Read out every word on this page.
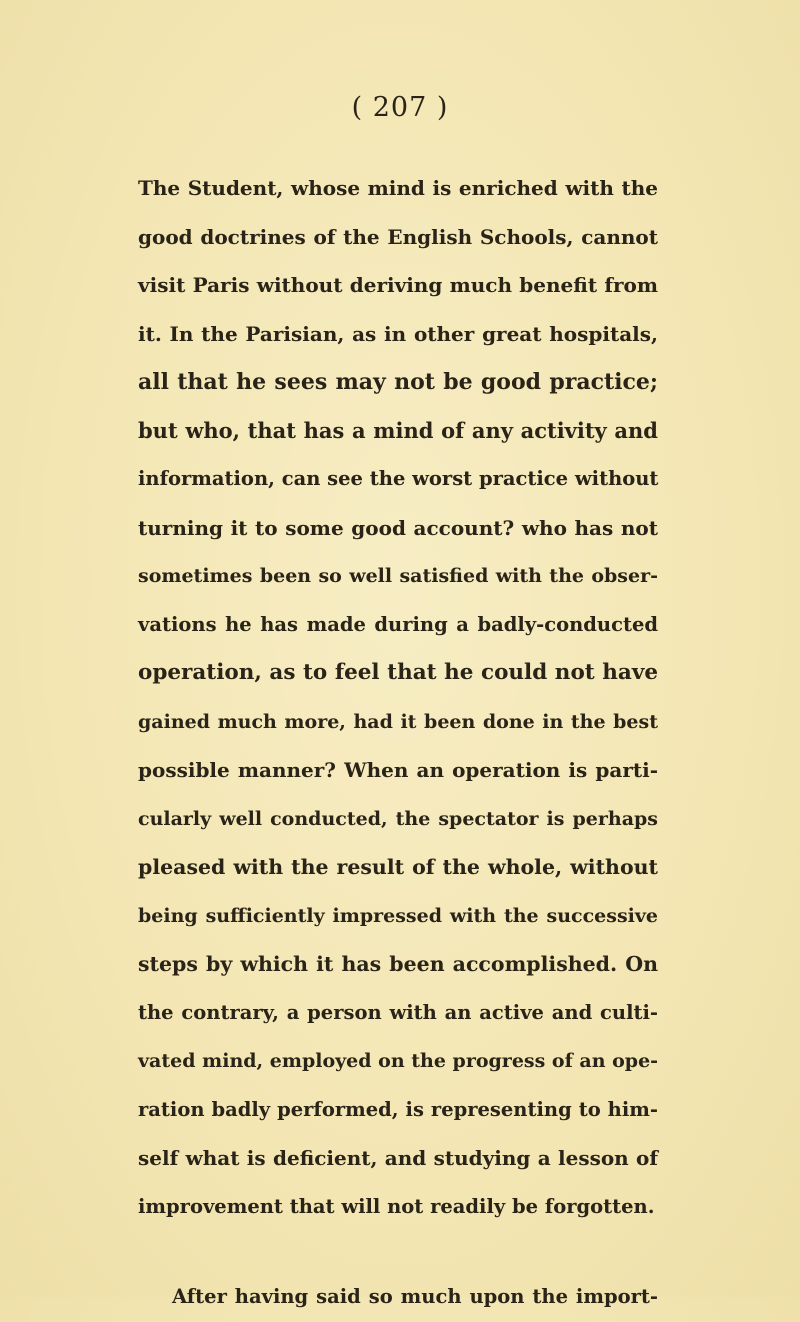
( 207 )
The Student, whose mind is enriched with the
good doctrines of the English Schools, cannot
visit Paris without deriving much benefit from
it. In the Parisian, as in other great hospitals,
all that he sees may not be good practice;
but who, that has a mind of any activity and
information, can see the worst practice without
turning it to some good account? who has not
sometimes been so well satisfied with the obser-
vations he has made during a badly-conducted
operation, as to feel that he could not have
gained much more, had it been done in the best
possible manner? When an operation is parti-
cularly well conducted, the spectator is perhaps
pleased with the result of the whole, without
being sufficiently impressed with the successive
steps by which it has been accomplished. On
the contrary, a person with an active and culti-
vated mind, employed on the progress of an ope-
ration badly performed, is representing to him-
self what is deficient, and studying a lesson of
improvement that will not readily be forgotten.
After having said so much upon the import-
